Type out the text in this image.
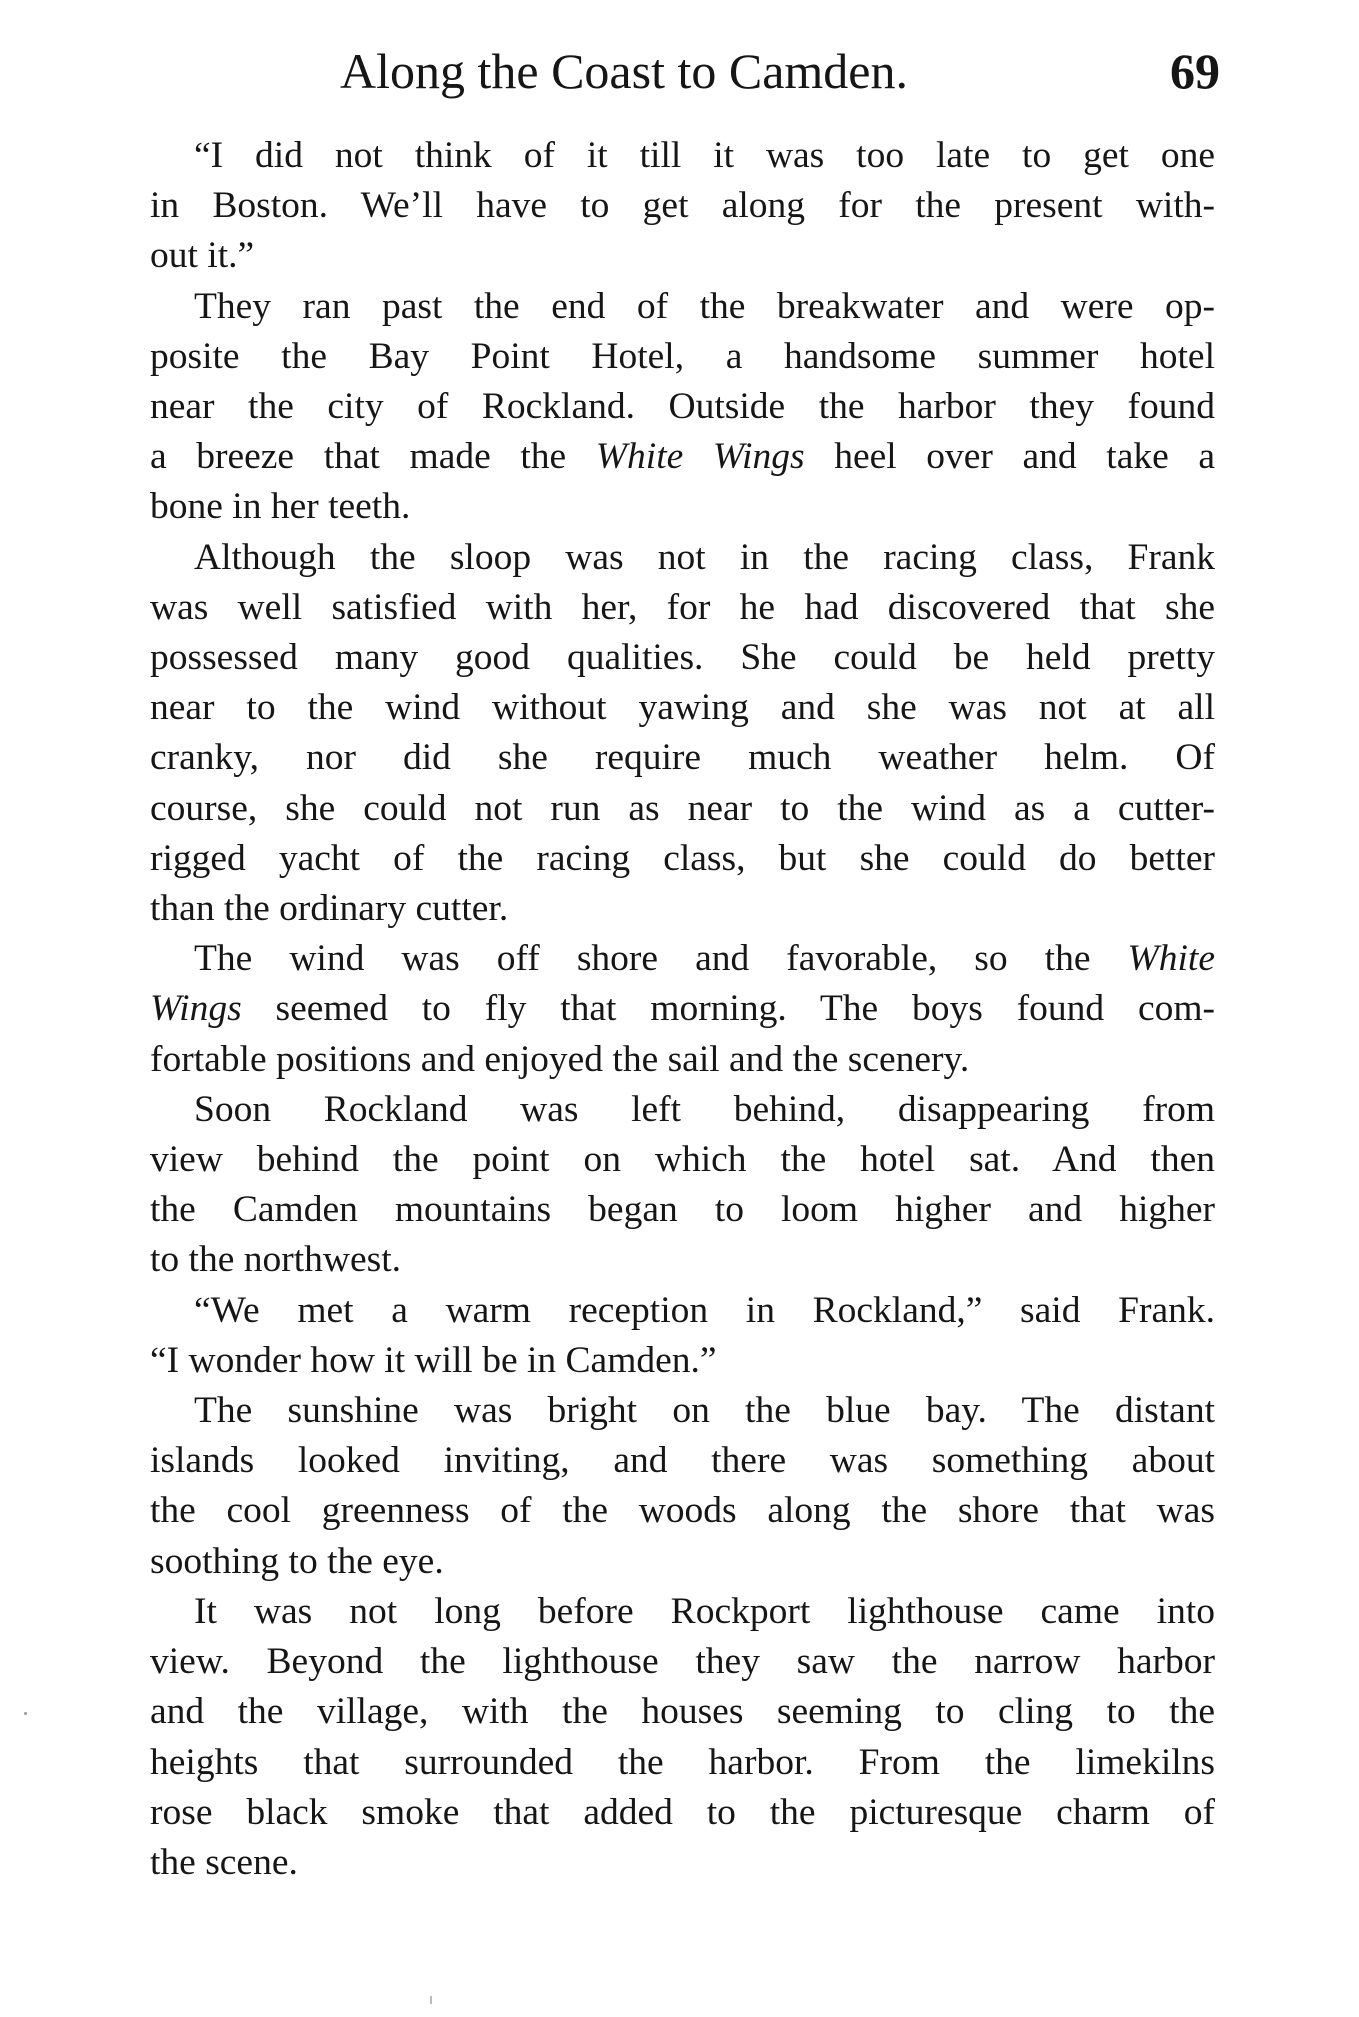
Along the Coast to Camden.	69
“I did not think of it till it was too late to get one
in Boston. We’ll have to get along for the present with-
out it.”
They ran past the end of the breakwater and were op-
posite the Bay Point Hotel, a handsome summer hotel
near the city of Rockland. Outside the harbor they found
a breeze that made the White Wings heel over and take a
bone in her teeth.
Although the sloop was not in the racing class, Frank
was well satisfied with her, for he had discovered that she
possessed many good qualities. She could be held pretty
near to the wind without yawing and she was not at all
cranky, nor did she require much weather helm. Of
course, she could not run as near to the wind as a cutter-
rigged yacht of the racing class, but she could do better
than the ordinary cutter.
The wind was off shore and favorable, so the White
Wings seemed to fly that morning. The boys found com-
fortable positions and enjoyed the sail and the scenery.
Soon Rockland was left behind, disappearing from
view behind the point on which the hotel sat. And then
the Camden mountains began to loom higher and higher
to the northwest.
“We met a warm reception in Rockland,” said Frank.
“I wonder how it will be in Camden.”
The sunshine was bright on the blue bay. The distant
islands looked inviting, and there was something about
the cool greenness of the woods along the shore that was
soothing to the eye.
It was not long before Rockport lighthouse came into
view. Beyond the lighthouse they saw the narrow harbor
and the village, with the houses seeming to cling to the
heights that surrounded the harbor. From the limekilns
rose black smoke that added to the picturesque charm of
the scene.
